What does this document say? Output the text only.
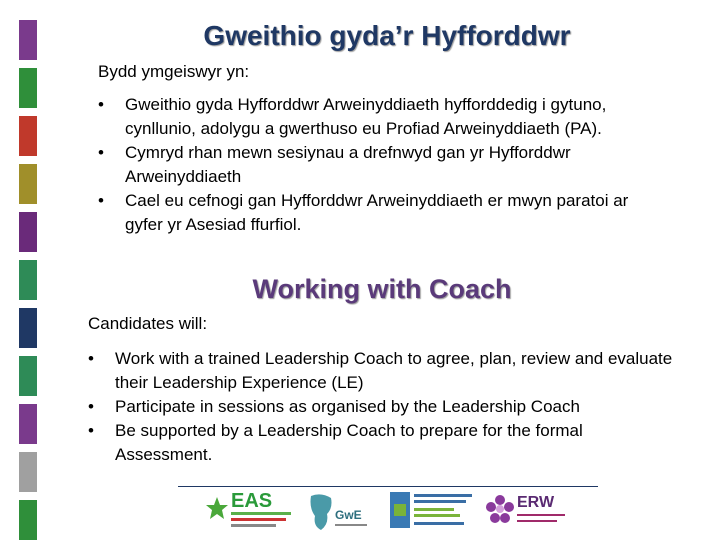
Gweithio gyda’r Hyfforddwr
Bydd ymgeiswyr yn:
• Gweithio gyda Hyfforddwr Arweinyddiaeth hyfforddedig i gytuno, cynllunio, adolygu a gwerthuso eu Profiad Arweinyddiaeth (PA).
• Cymryd rhan mewn sesiynau a drefnwyd gan yr Hyfforddwr Arweinyddiaeth
• Cael eu cefnogi gan Hyfforddwr Arweinyddiaeth er mwyn paratoi ar gyfer yr Asesiad ffurfiol.
Working with Coach
Candidates will:
• Work with a trained Leadership Coach to agree, plan, review and evaluate their Leadership Experience (LE)
• Participate in sessions as organised by the Leadership Coach
• Be supported by a Leadership Coach to prepare for the formal Assessment.
EAS
GwE
ERW
